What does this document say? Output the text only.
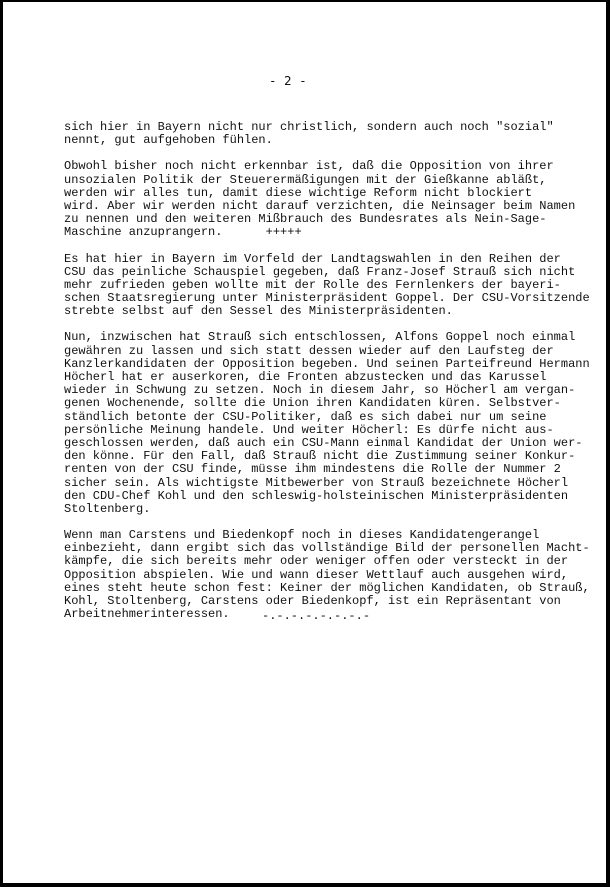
- 2 -
sich hier in Bayern nicht nur christlich, sondern auch noch "sozial"
nennt, gut aufgehoben fühlen.
Obwohl bisher noch nicht erkennbar ist, daß die Opposition von ihrer
unsozialen Politik der Steuerermäßigungen mit der Gießkanne abläßt,
werden wir alles tun, damit diese wichtige Reform nicht blockiert
wird. Aber wir werden nicht darauf verzichten, die Neinsager beim Namen
zu nennen und den weiteren Mißbrauch des Bundesrates als Nein-Sage-
Maschine anzuprangern.      +++++
Es hat hier in Bayern im Vorfeld der Landtagswahlen in den Reihen der
CSU das peinliche Schauspiel gegeben, daß Franz-Josef Strauß sich nicht
mehr zufrieden geben wollte mit der Rolle des Fernlenkers der bayeri-
schen Staatsregierung unter Ministerpräsident Goppel. Der CSU-Vorsitzende
strebte selbst auf den Sessel des Ministerpräsidenten.
Nun, inzwischen hat Strauß sich entschlossen, Alfons Goppel noch einmal
gewähren zu lassen und sich statt dessen wieder auf den Laufsteg der
Kanzlerkandidaten der Opposition begeben. Und seinen Parteifreund Hermann
Höcherl hat er auserkoren, die Fronten abzustecken und das Karussel
wieder in Schwung zu setzen. Noch in diesem Jahr, so Höcherl am vergan-
genen Wochenende, sollte die Union ihren Kandidaten küren. Selbstver-
ständlich betonte der CSU-Politiker, daß es sich dabei nur um seine
persönliche Meinung handele. Und weiter Höcherl: Es dürfe nicht aus-
geschlossen werden, daß auch ein CSU-Mann einmal Kandidat der Union wer-
den könne. Für den Fall, daß Strauß nicht die Zustimmung seiner Konkur-
renten von der CSU finde, müsse ihm mindestens die Rolle der Nummer 2
sicher sein. Als wichtigste Mitbewerber von Strauß bezeichnete Höcherl
den CDU-Chef Kohl und den schleswig-holsteinischen Ministerpräsidenten
Stoltenberg.
Wenn man Carstens und Biedenkopf noch in dieses Kandidatengerangel
einbezieht, dann ergibt sich das vollständige Bild der personellen Macht-
kämpfe, die sich bereits mehr oder weniger offen oder versteckt in der
Opposition abspielen. Wie und wann dieser Wettlauf auch ausgehen wird,
eines steht heute schon fest: Keiner der möglichen Kandidaten, ob Strauß,
Kohl, Stoltenberg, Carstens oder Biedenkopf, ist ein Repräsentant von
Arbeitnehmerinteressen.	-.-.-.-.-.-.-.-
